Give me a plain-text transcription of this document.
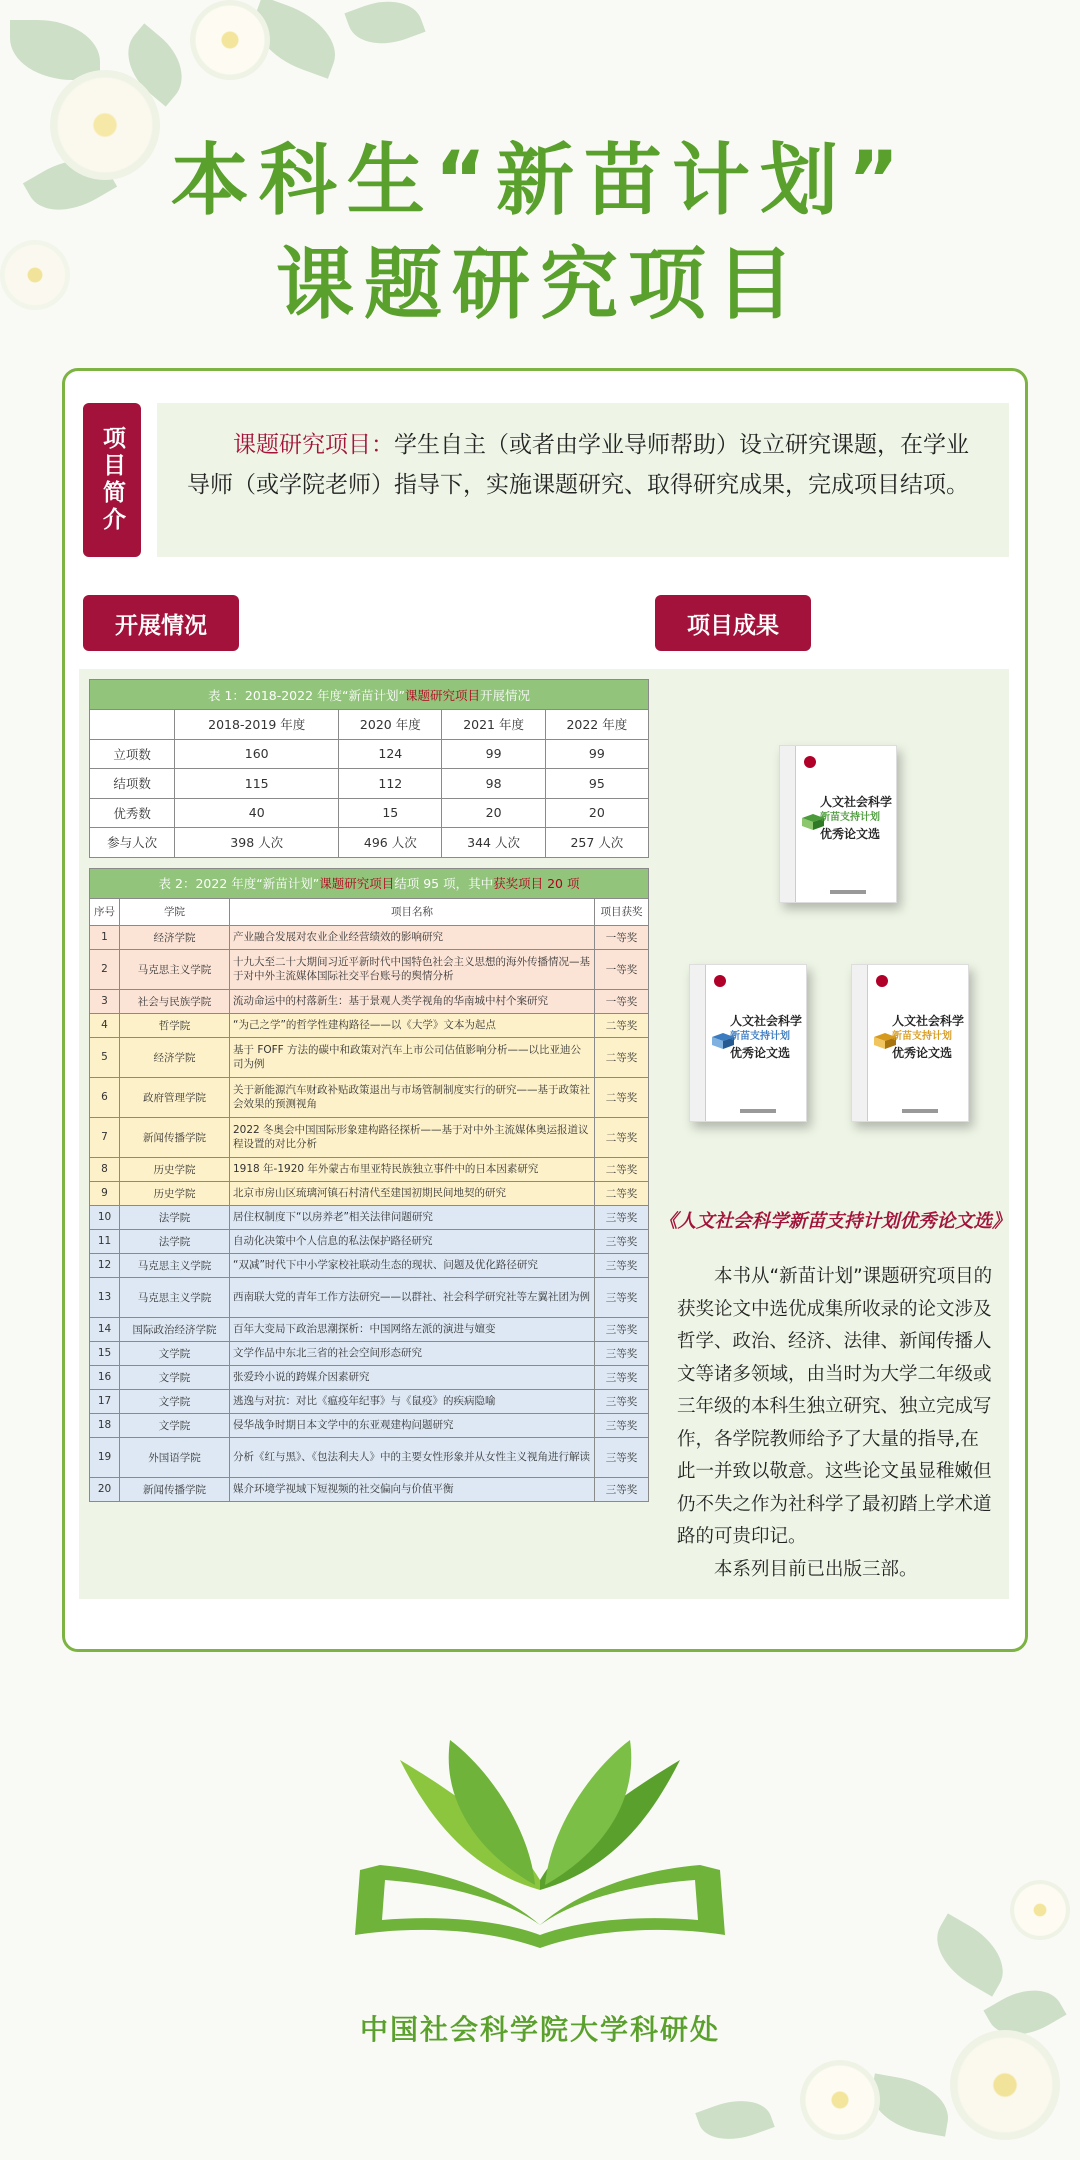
本科生“新苗计划”
课题研究项目
项目简介	课题研究项目：学生自主（或者由学业导师帮助）设立研究课题，在学业导师（或学院老师）指导下，实施课题研究、取得研究成果，完成项目结项。
开展情况	项目成果
表 1：2018-2022 年度“新苗计划”课题研究项目开展情况				
	2018-2019 年度	2020 年度	2021 年度	2022 年度
立项数	160	124	99	99
结项数	115	112	98	95
优秀数	40	15	20	20
参与人次	398 人次	496 人次	344 人次	257 人次
表 2：2022 年度“新苗计划”课题研究项目结项 95 项，其中获奖项目 20 项			
序号	学院	项目名称	项目获奖
1	经济学院	产业融合发展对农业企业经营绩效的影响研究	一等奖
2	马克思主义学院	十九大至二十大期间习近平新时代中国特色社会主义思想的海外传播情况—基于对中外主流媒体国际社交平台账号的舆情分析	一等奖
3	社会与民族学院	流动命运中的村落新生：基于景观人类学视角的华南城中村个案研究	一等奖
4	哲学院	“为己之学”的哲学性建构路径——以《大学》文本为起点	二等奖
5	经济学院	基于 FOFF 方法的碳中和政策对汽车上市公司估值影响分析——以比亚迪公司为例	二等奖
6	政府管理学院	关于新能源汽车财政补贴政策退出与市场管制制度实行的研究——基于政策社会效果的预测视角	二等奖
7	新闻传播学院	2022 冬奥会中国国际形象建构路径探析——基于对中外主流媒体奥运报道议程设置的对比分析	二等奖
8	历史学院	1918 年-1920 年外蒙古布里亚特民族独立事件中的日本因素研究	二等奖
9	历史学院	北京市房山区琉璃河镇石村清代至建国初期民间地契的研究	二等奖
10	法学院	居住权制度下“以房养老”相关法律问题研究	三等奖
11	法学院	自动化决策中个人信息的私法保护路径研究	三等奖
12	马克思主义学院	“双减”时代下中小学家校社联动生态的现状、问题及优化路径研究	三等奖
13	马克思主义学院	西南联大党的青年工作方法研究——以群社、社会科学研究社等左翼社团为例	三等奖
14	国际政治经济学院	百年大变局下政治思潮探析：中国网络左派的演进与嬗变	三等奖
15	文学院	文学作品中东北三省的社会空间形态研究	三等奖
16	文学院	张爱玲小说的跨媒介因素研究	三等奖
17	文学院	逃逸与对抗：对比《瘟疫年纪事》与《鼠疫》的疾病隐喻	三等奖
18	文学院	侵华战争时期日本文学中的东亚观建构问题研究	三等奖
19	外国语学院	分析《红与黑》、《包法利夫人》中的主要女性形象并从女性主义视角进行解读	三等奖
20	新闻传播学院	媒介环境学视域下短视频的社交偏向与价值平衡	三等奖
人文社会科学
新苗支持计划
优秀论文选
人文社会科学
新苗支持计划
优秀论文选
人文社会科学
新苗支持计划
优秀论文选
《人文社会科学新苗支持计划优秀论文选》
本书从“新苗计划”课题研究项目的获奖论文中选优成集所收录的论文涉及哲学、政治、经济、法律、新闻传播人文等诸多领域，由当时为大学二年级或三年级的本科生独立研究、独立完成写作，各学院教师给予了大量的指导,在此一并致以敬意。这些论文虽显稚嫩但仍不失之作为社科学了最初踏上学术道路的可贵印记。
本系列目前已出版三部。
中国社会科学院大学科研处
